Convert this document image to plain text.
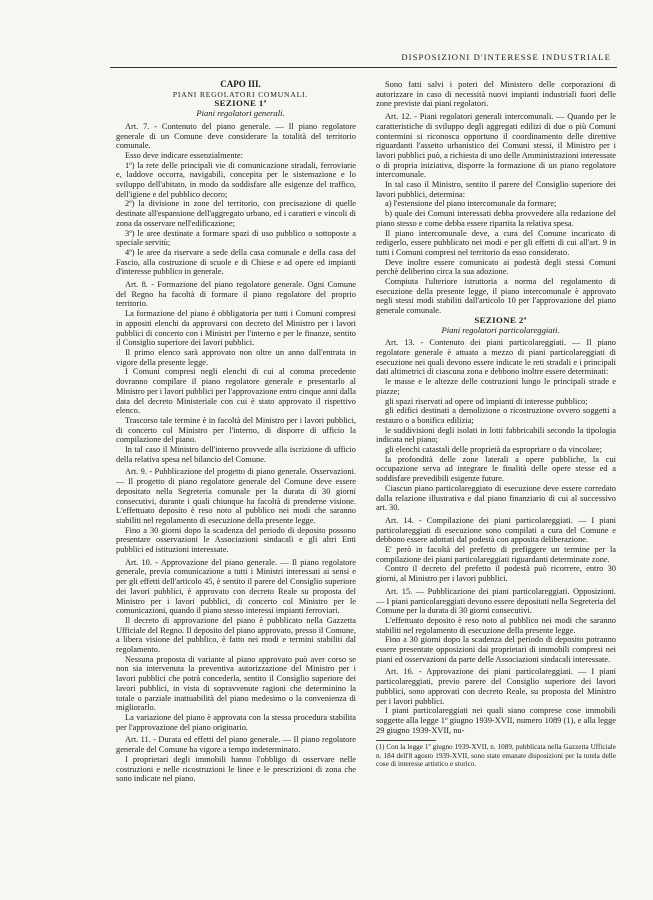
DISPOSIZIONI D'INTERESSE INDUSTRIALE

CAPO III.

PIANI REGOLATORI COMUNALI.

SEZIONE 1ª

Piani regolatori generali.

Art. 7. - Contenuto del piano generale. — Il piano regolatore generale di un Comune deve considerare la totalità del territorio comunale.

Esso deve indicare essenzialmente:

1º) la rete delle principali vie di comunicazione stradali, ferroviarie e, laddove occorra, navigabili, concepita per le sistemazione e lo sviluppo dell'abitato, in modo da soddisfare alle esigenze del traffico, dell'igiene e del pubblico decoro;

2º) la divisione in zone del territorio, con precisazione di quelle destinate all'espansione dell'aggregato urbano, ed i caratteri e vincoli di zona da osservare nell'edificazione;

3º) le aree destinate a formare spazi di uso pubblico o sottoposte a speciale servitù;

4º) le aree da riservare a sede della casa comunale e della casa del Fascio, alla costruzione di scuole e di Chiese e ad opere ed impianti d'interesse pubblico in generale.

Art. 8. - Formazione del piano regolatore generale. Ogni Comune del Regno ha facoltà di formare il piano regolatore del proprio territorio.

La formazione del piano è obbligatoria per tutti i Comuni compresi in appositi elenchi da approvarsi con decreto del Ministro per i lavori pubblici di concerto con i Ministri per l'interno e per le finanze, sentito il Consiglio superiore dei lavori pubblici.

Il primo elenco sarà approvato non oltre un anno dall'entrata in vigore della presente legge.

I Comuni compresi negli elenchi di cui al comma precedente dovranno compilare il piano regolatore generale e presentarlo al Ministro per i lavori pubblici per l'approvazione entro cinque anni dalla data del decreto Ministeriale con cui è stato approvato il rispettivo elenco.

Trascorso tale termine è in facoltà del Ministro per i lavori pubblici, di concerto col Ministro per l'interno, di disporre di ufficio la compilazione del piano.

In tal caso il Ministro dell'interno provvede alla iscrizione di ufficio della relativa spesa nel bilancio del Comune.

Art. 9. - Pubblicazione del progetto di piano generale. Osservazioni. — Il progetto di piano regolatore generale del Comune deve essere depositato nella Segreteria comunale per la durata di 30 giorni consecutivi, durante i quali chiunque ha facoltà di prenderne visione. L'effettuato deposito è reso noto al pubblico nei modi che saranno stabiliti nel regolamento di esecuzione della presente legge.

Fino a 30 giorni dopo la scadenza del periodo di deposito possono presentare osservazioni le Associazioni sindacali e gli altri Enti pubblici ed istituzioni interessate.

Art. 10. - Approvazione del piano generale. — Il piano regolatore generale, previa comunicazione a tutti i Ministri interessati ai sensi e per gli effetti dell'articolo 45, è sentito il parere del Consiglio superiore dei lavori pubblici, è approvato con decreto Reale su proposta del Ministro per i lavori pubblici, di concerto col Ministro per le comunicazioni, quando il piano stesso interessi impianti ferroviari.

Il decreto di approvazione del piano è pubblicato nella Gazzetta Ufficiale del Regno. Il deposito del piano approvato, presso il Comune, a libera visione del pubblico, è fatto nei modi e termini stabiliti dal regolamento.

Nessuna proposta di variante al piano approvato può aver corso se non sia intervenuta la preventiva autorizzazione del Ministro per i lavori pubblici che potrà concederla, sentito il Consiglio superiore dei lavori pubblici, in vista di sopravvenute ragioni che determinino la totale o parziale inattuabilità del piano medesimo o la convenienza di migliorarlo.

La variazione del piano è approvata con la stessa procedura stabilita per l'approvazione del piano originario.

Art. 11. - Durata ed effetti del piano generale. — Il piano regolatore generale del Comune ha vigore a tempo indeterminato.

I proprietari degli immobili hanno l'obbligo di osservare nelle costruzioni e nelle ricostruzioni le linee e le prescrizioni di zona che sono indicate nel piano.

Sono fatti salvi i poteri del Ministero delle corporazioni di autorizzare in caso di necessità nuovi impianti industriali fuori delle zone previste dai piani regolatori.

Art. 12. - Piani regolatori generali intercomunali. — Quando per le caratteristiche di sviluppo degli aggregati edilizi di due o più Comuni contermini si riconosca opportuno il coordinamento delle direttive riguardanti l'assetto urbanistico dei Comuni stessi, il Ministro per i lavori pubblici può, a richiesta di uno delle Amministrazioni interessate o di propria iniziativa, disporre la formazione di un piano regolatore intercomunale.

In tal caso il Ministro, sentito il parere del Consiglio superiore dei lavori pubblici, determina:

a) l'estensione del piano intercomunale da formare;

b) quale dei Comuni interessati debba provvedere alla redazione del piano stesso e come debba essere ripartita la relativa spesa.

Il piano intercomunale deve, a cura del Comune incaricato di redigerlo, essere pubblicato nei modi e per gli effetti di cui all'art. 9 in tutti i Comuni compresi nel territorio da esso considerato.

Deve inoltre essere comunicato ai podestà degli stessi Comuni perchè deliberino circa la sua adozione.

Compiuta l'ulteriore istruttoria a norma del regolamento di esecuzione della presente legge, il piano intercomunale è approvato negli stessi modi stabiliti dall'articolo 10 per l'approvazione del piano generale comunale.

SEZIONE 2ª

Piani regolatori particolareggiati.

Art. 13. - Contenuto dei piani particolareggiati. — Il piano regolatore generale è attuato a mezzo di piani particolareggiati di esecuzione nei quali devono essere indicate le reti stradali e i principali dati altimetrici di ciascuna zona e debbono inoltre essere determinati:

le masse e le altezze delle costruzioni lungo le principali strade e piazze;

gli spazi riservati ad opere od impianti di interesse pubblico;

gli edifici destinati a demolizione o ricostruzione ovvero soggetti a restauro o a bonifica edilizia;

le suddivisioni degli isolati in lotti fabbricabili secondo la tipologia indicata nel piano;

gli elenchi catastali delle proprietà da espropriare o da vincolare;

la profondità delle zone laterali a opere pubbliche, la cui occupazione serva ad integrare le finalità delle opere stesse ed a soddisfare prevedibili esigenze future.

Ciascun piano particolareggiato di esecuzione deve essere corredato dalla relazione illustrativa e dal piano finanziario di cui al successivo art. 30.

Art. 14. - Compilazione dei piani particolareggiati. — I piani particolareggiati di esecuzione sono compilati a cura del Comune e debbono essere adottati dal podestà con apposita deliberazione.

E' però in facoltà del prefetto di prefiggere un termine per la compilazione dei piani particolareggiati riguardanti determinate zone.

Contro il decreto del prefetto il podestà può ricorrere, entro 30 giorni, al Ministro per i lavori pubblici.

Art. 15. — Pubblicazione dei piani particolareggiati. Opposizioni. — I piani particolareggiati devono essere depositati nella Segreteria del Comune per la durata di 30 giorni consecutivi.

L'effettuato deposito è reso noto al pubblico nei modi che saranno stabiliti nel regolamento di esecuzione della presente legge.

Fino a 30 giorni dopo la scadenza del periodo di deposito potranno essere presentate opposizioni dai proprietari di immobili compresi nei piani ed osservazioni da parte delle Associazioni sindacali interessate.

Art. 16. - Approvazione dei piani particolareggiati. — I piani particolareggiati, previo parere del Consiglio superiore dei lavori pubblici, sono approvati con decreto Reale, su proposta del Ministro per i lavori pubblici.

I piani particolareggiati nei quali siano comprese cose immobili soggette alla legge 1º giugno 1939-XVII, numero 1089 (1), e alla legge 29 giugno 1939-XVII, nu-

(1) Con la legge 1º giugno 1939-XVII, n. 1089, pubblicata nella Gazzetta Ufficiale n. 184 dell'8 agosto 1939-XVII, sono state emanate disposizioni per la tutela delle cose di interesse artistico e storico.
